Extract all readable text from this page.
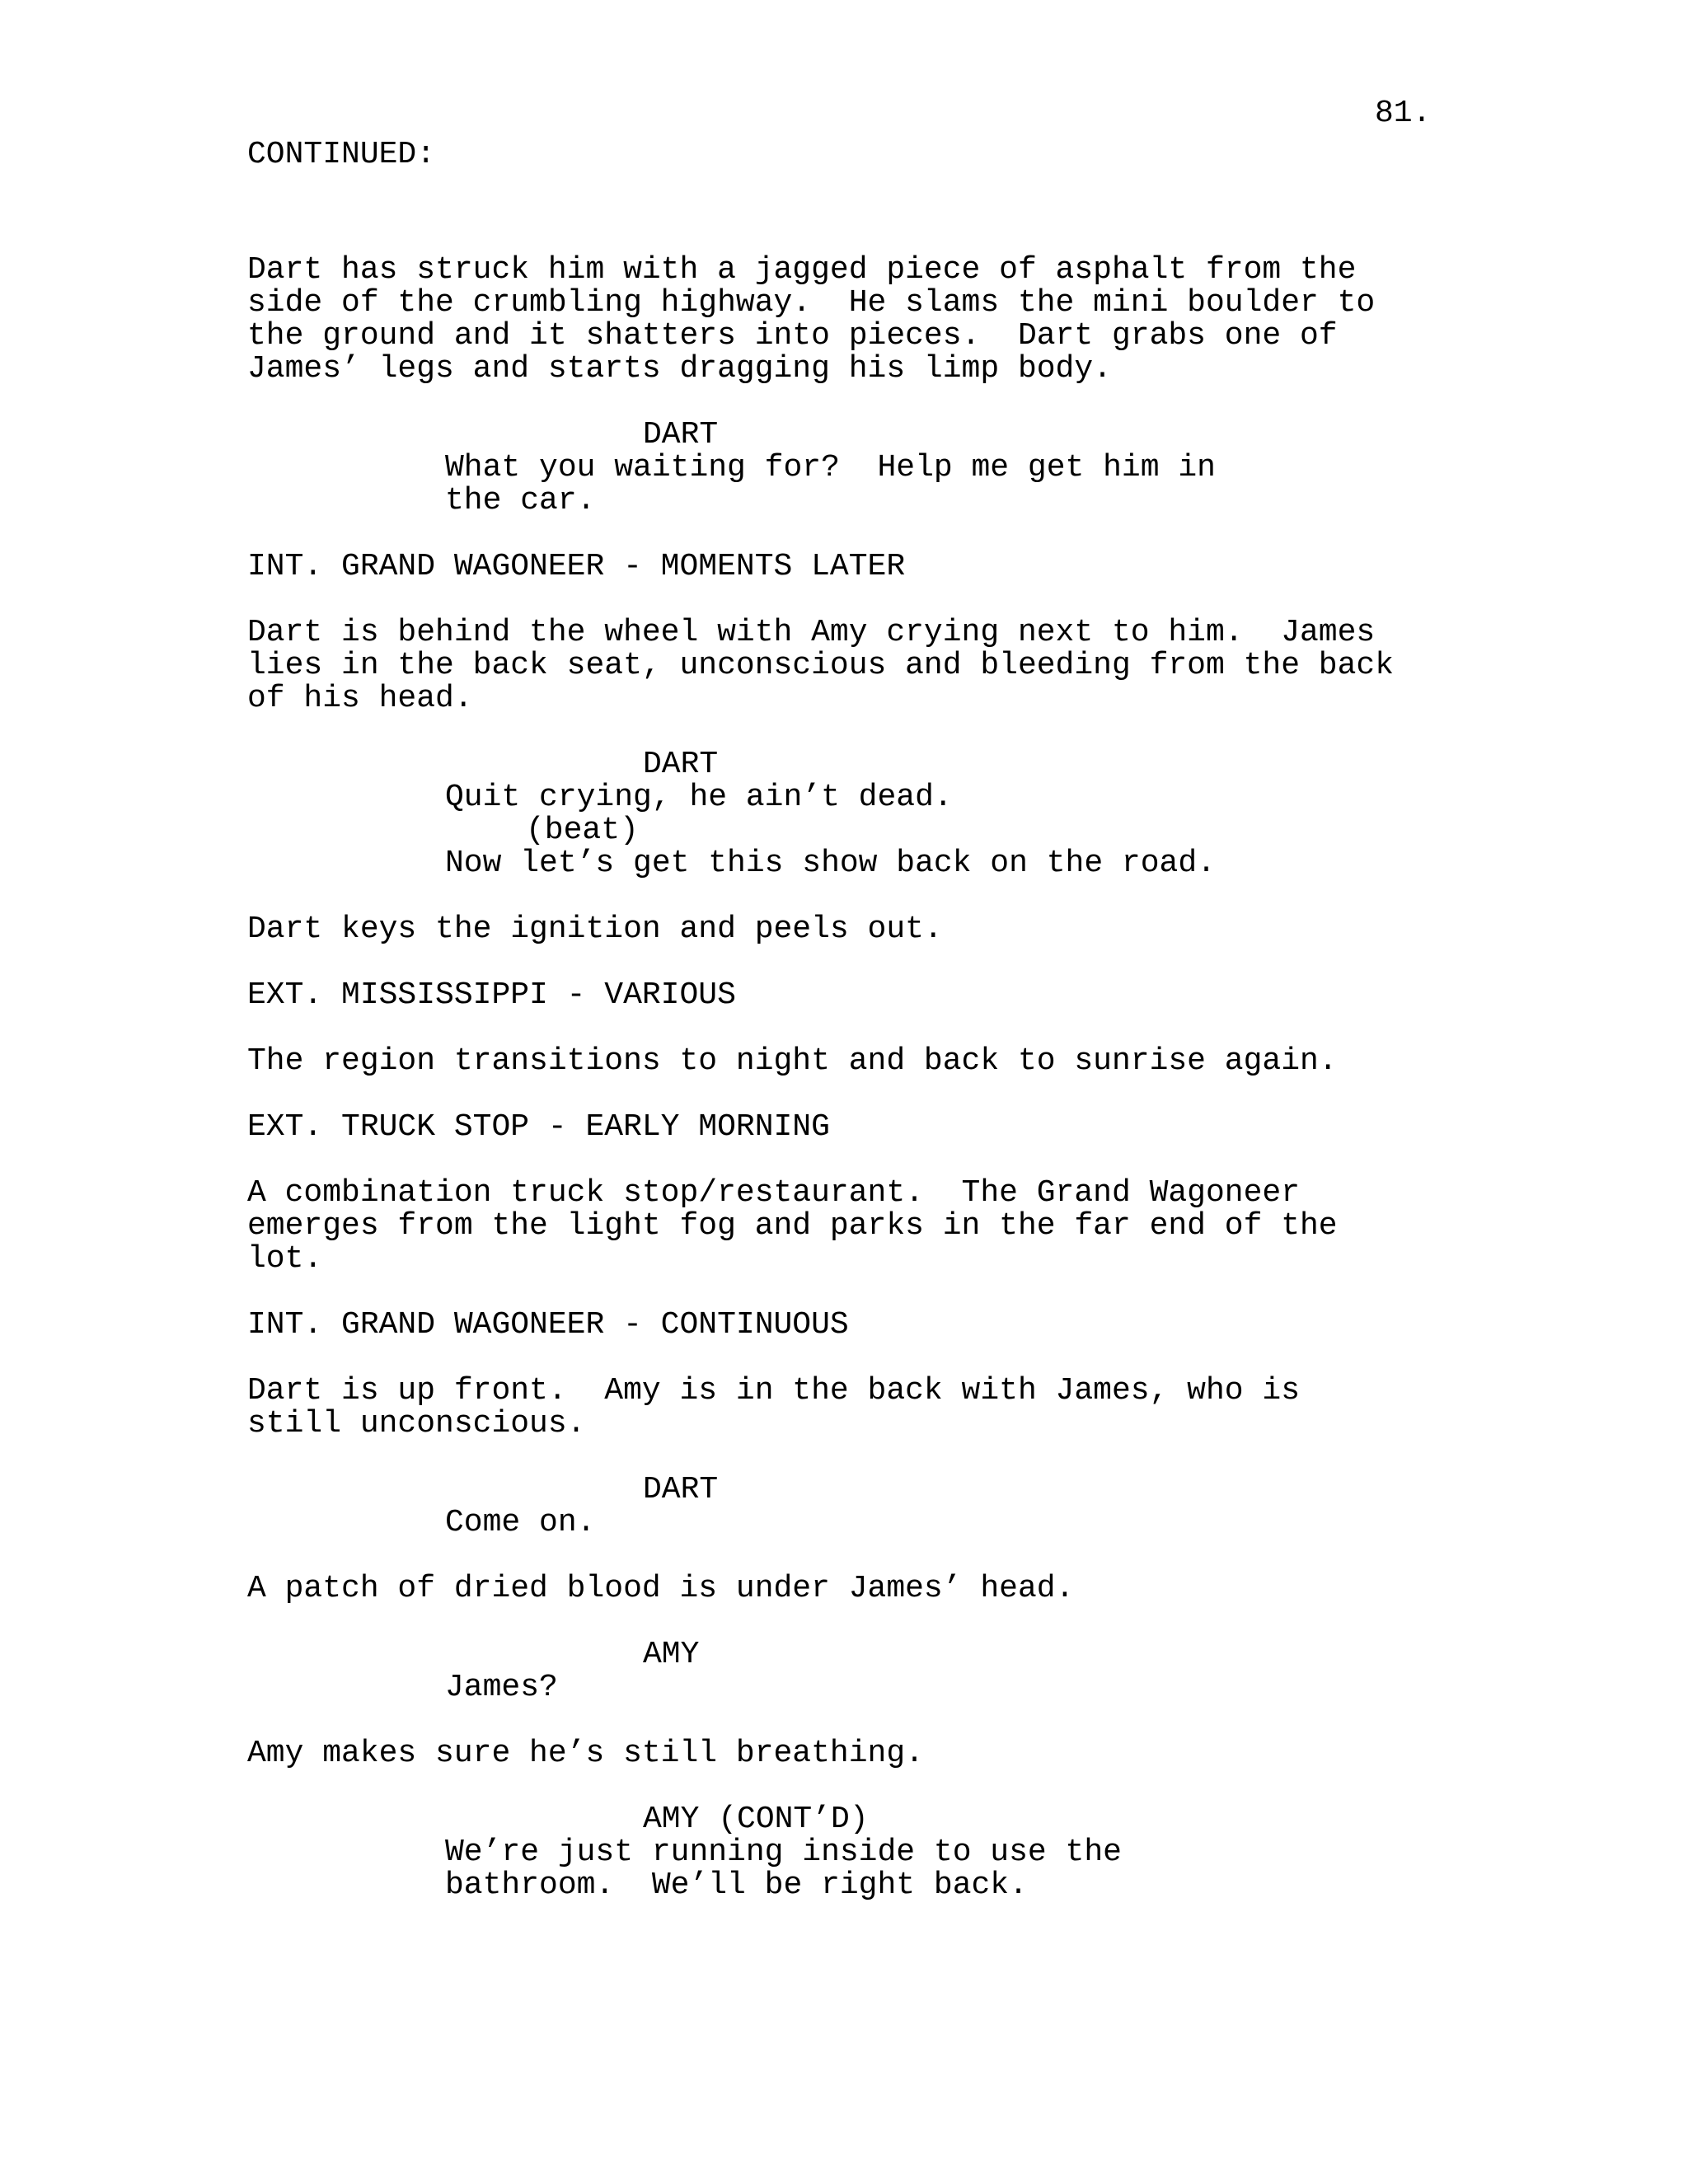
81.
CONTINUED:
Dart has struck him with a jagged piece of asphalt from the
side of the crumbling highway.  He slams the mini boulder to
the ground and it shatters into pieces.  Dart grabs one of
James’ legs and starts dragging his limp body.
DART
What you waiting for?  Help me get him in
the car.
INT. GRAND WAGONEER - MOMENTS LATER
Dart is behind the wheel with Amy crying next to him.  James
lies in the back seat, unconscious and bleeding from the back
of his head.
DART
Quit crying, he ain’t dead.
(beat)
Now let’s get this show back on the road.
Dart keys the ignition and peels out.
EXT. MISSISSIPPI - VARIOUS
The region transitions to night and back to sunrise again.
EXT. TRUCK STOP - EARLY MORNING
A combination truck stop/restaurant.  The Grand Wagoneer
emerges from the light fog and parks in the far end of the
lot.
INT. GRAND WAGONEER - CONTINUOUS
Dart is up front.  Amy is in the back with James, who is
still unconscious.
DART
Come on.
A patch of dried blood is under James’ head.
AMY
James?
Amy makes sure he’s still breathing.
AMY (CONT’D)
We’re just running inside to use the
bathroom.  We’ll be right back.
